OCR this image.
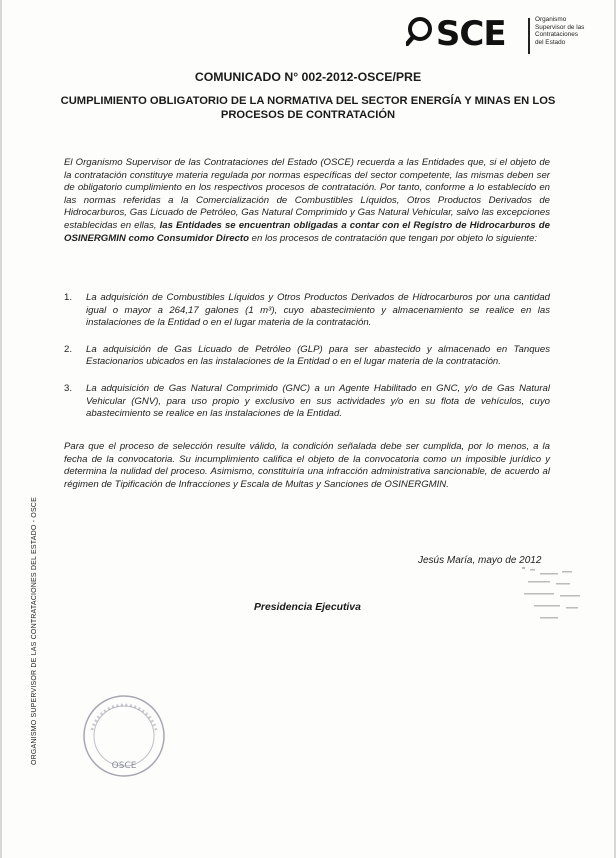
SCE	Organismo
Supervisor de las
Contrataciones
del Estado
COMUNICADO N° 002-2012-OSCE/PRE
CUMPLIMIENTO OBLIGATORIO DE LA NORMATIVA DEL SECTOR ENERGÍA Y MINAS EN LOS PROCESOS DE CONTRATACIÓN
El Organismo Supervisor de las Contrataciones del Estado (OSCE) recuerda a las Entidades que, si el objeto de la contratación constituye materia regulada por normas específicas del sector competente, las mismas deben ser de obligatorio cumplimiento en los respectivos procesos de contratación. Por tanto, conforme a lo establecido en las normas referidas a la Comercialización de Combustibles Líquidos, Otros Productos Derivados de Hidrocarburos, Gas Licuado de Petróleo, Gas Natural Comprimido y Gas Natural Vehicular, salvo las excepciones establecidas en ellas, las Entidades se encuentran obligadas a contar con el Registro de Hidrocarburos de OSINERGMIN como Consumidor Directo en los procesos de contratación que tengan por objeto lo siguiente:
1. La adquisición de Combustibles Líquidos y Otros Productos Derivados de Hidrocarburos por una cantidad igual o mayor a 264,17 galones (1 m³), cuyo abastecimiento y almacenamiento se realice en las instalaciones de la Entidad o en el lugar materia de la contratación.
2. La adquisición de Gas Licuado de Petróleo (GLP) para ser abastecido y almacenado en Tanques Estacionarios ubicados en las instalaciones de la Entidad o en el lugar materia de la contratación.
3. La adquisición de Gas Natural Comprimido (GNC) a un Agente Habilitado en GNC, y/o de Gas Natural Vehicular (GNV), para uso propio y exclusivo en sus actividades y/o en su flota de vehículos, cuyo abastecimiento se realice en las instalaciones de la Entidad.
Para que el proceso de selección resulte válido, la condición señalada debe ser cumplida, por lo menos, a la fecha de la convocatoria. Su incumplimiento califica el objeto de la convocatoria como un imposible jurídico y determina la nulidad del proceso. Asimismo, constituiría una infracción administrativa sancionable, de acuerdo al régimen de Tipificación de Infracciones y Escala de Multas y Sanciones de OSINERGMIN.
Jesús María, mayo de 2012
Presidencia Ejecutiva
OSCE
ORGANISMO SUPERVISOR DE LAS CONTRATACIONES DEL ESTADO - OSCE
